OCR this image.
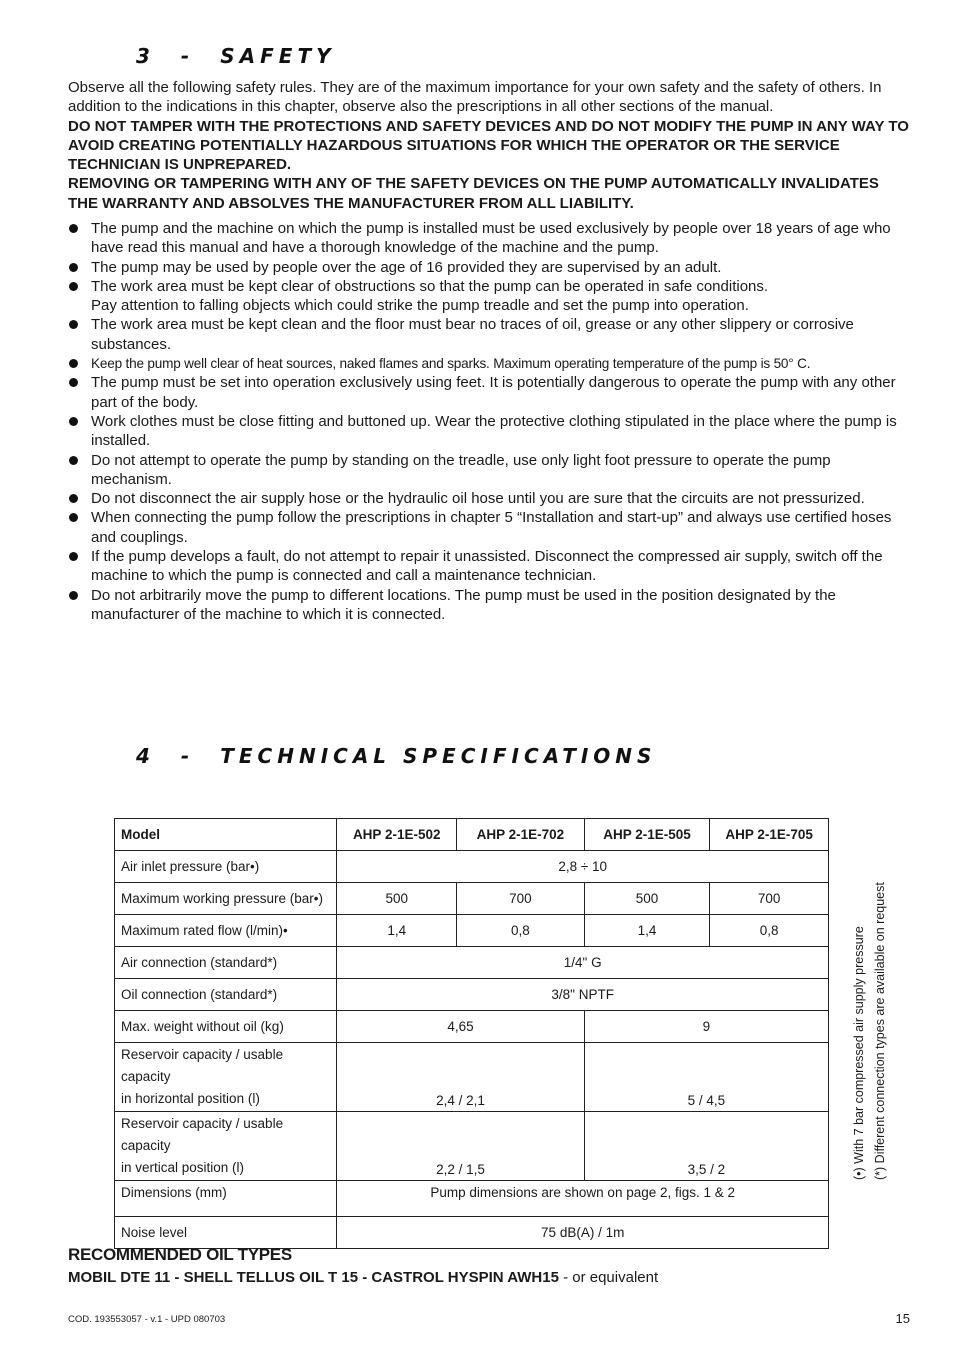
3 - SAFETY
Observe all the following safety rules. They are of the maximum importance for your own safety and the safety of others. In addition to the indications in this chapter, observe also the prescriptions in all other sections of the manual.
DO NOT TAMPER WITH THE PROTECTIONS AND SAFETY DEVICES AND DO NOT MODIFY THE PUMP IN ANY WAY TO AVOID CREATING POTENTIALLY HAZARDOUS SITUATIONS FOR WHICH THE OPERATOR OR THE SERVICE TECHNICIAN IS UNPREPARED.
REMOVING OR TAMPERING WITH ANY OF THE SAFETY DEVICES ON THE PUMP AUTOMATICALLY INVALIDATES THE WARRANTY AND ABSOLVES THE MANUFACTURER FROM ALL LIABILITY.
The pump and the machine on which the pump is installed must be used exclusively by people over 18 years of age who have read this manual and have a thorough knowledge of the machine and the pump.
The pump may be used by people over the age of 16 provided they are supervised by an adult.
The work area must be kept clear of obstructions so that the pump can be operated in safe conditions.
Pay attention to falling objects which could strike the pump treadle and set the pump into operation.
The work area must be kept clean and the floor must bear no traces of oil, grease or any other slippery or corrosive substances.
Keep the pump well clear of heat sources, naked flames and sparks. Maximum operating temperature of the pump is 50° C.
The pump must be set into operation exclusively using feet. It is potentially dangerous to operate the pump with any other part of the body.
Work clothes must be close fitting and buttoned up. Wear the protective clothing stipulated in the place where the pump is installed.
Do not attempt to operate the pump by standing on the treadle, use only light foot pressure to operate the pump mechanism.
Do not disconnect the air supply hose or the hydraulic oil hose until you are sure that the circuits are not pressurized.
When connecting the pump follow the prescriptions in chapter 5 “Installation and start-up” and always use certified hoses and couplings.
If the pump develops a fault, do not attempt to repair it unassisted. Disconnect the compressed air supply, switch off the machine to which the pump is connected and call a maintenance technician.
Do not arbitrarily move the pump to different locations. The pump must be used in the position designated by the manufacturer of the machine to which it is connected.
4 - TECHNICAL SPECIFICATIONS
Model	AHP 2-1E-502	AHP 2-1E-702	AHP 2-1E-505	AHP 2-1E-705
Air inlet pressure (bar•)	2,8 ÷ 10			
Maximum working pressure (bar•)	500	700	500	700
Maximum rated flow (l/min)•	1,4	0,8	1,4	0,8
Air connection (standard*)	1/4" G			
Oil connection (standard*)	3/8" NPTF			
Max. weight without oil (kg)	4,65		9	
Reservoir capacity / usable capacity
in horizontal position (l)	2,4 / 2,1		5 / 4,5	
Reservoir capacity / usable capacity
in vertical position (l)	2,2 / 1,5		3,5 / 2	
Dimensions (mm)	Pump dimensions are shown on page 2, figs. 1 & 2			
Noise level	75 dB(A) / 1m			
(•) With 7 bar compressed air supply pressure (*) Different connection types are available on request
RECOMMENDED OIL TYPES
MOBIL DTE 11 - SHELL TELLUS OIL T 15 - CASTROL HYSPIN AWH15 - or equivalent
COD. 193553057 - v.1 - UPD 080703	15
